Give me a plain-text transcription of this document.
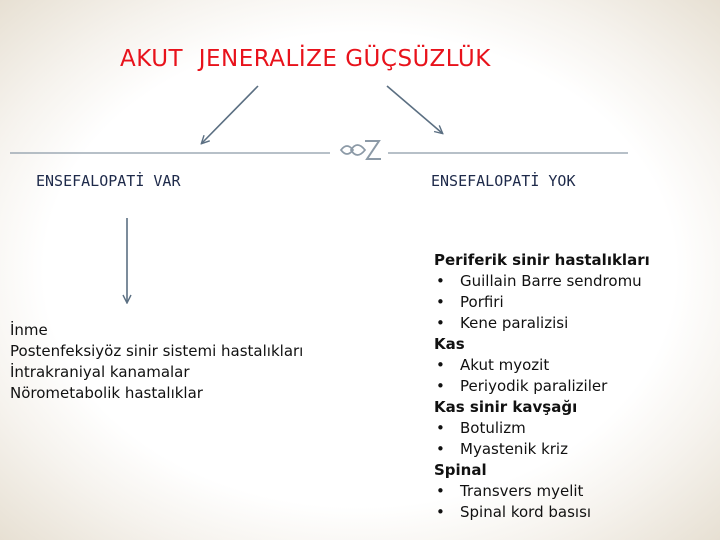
AKUT  JENERALİZE GÜÇSÜZLÜK
ENSEFALOPATİ VAR	ENSEFALOPATİ YOK
İnme
Postenfeksiyöz sinir sistemi hastalıkları
İntrakraniyal kanamalar
Nörometabolik hastalıklar
Periferik sinir hastalıkları
• Guillain Barre sendromu
• Porfiri
• Kene paralizisi
Kas
• Akut myozit
• Periyodik paraliziler
Kas sinir kavşağı
• Botulizm
• Myastenik kriz
Spinal
• Transvers myelit
• Spinal kord basısı
